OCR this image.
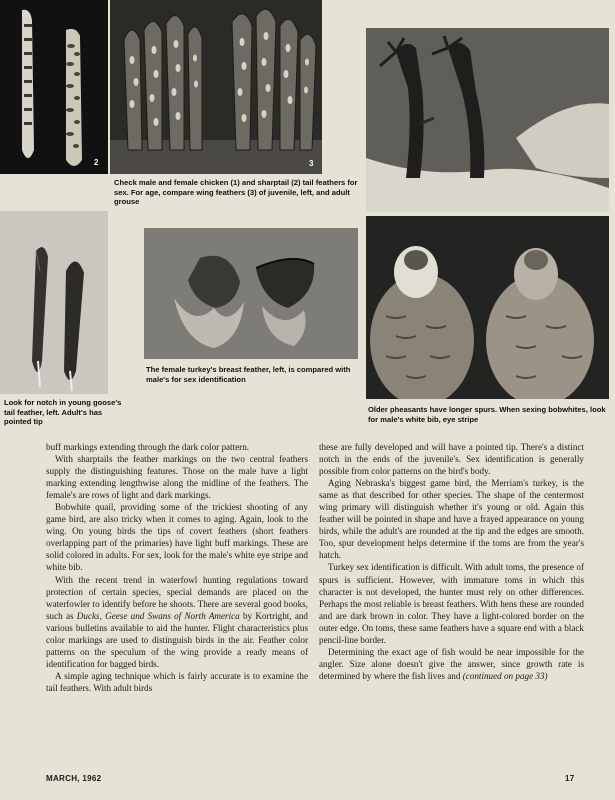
2	3

Check male and female chicken (1) and sharptail (2) tail feathers for sex. For age, compare wing feathers (3) of juvenile, left, and adult grouse

The female turkey's breast feather, left, is compared with male's for sex identification

Look for notch in young goose's tail feather, left. Adult's has pointed tip

Older pheasants have longer spurs. When sexing bobwhites, look for male's white bib, eye stripe

buff markings extending through the dark color pattern.

With sharptails the feather markings on the two central feathers supply the distinguishing features. Those on the male have a light marking extending lengthwise along the midline of the feathers. The female's are rows of light and dark markings.

Bobwhite quail, providing some of the trickiest shooting of any game bird, are also tricky when it comes to aging. Again, look to the wing. On young birds the tips of covert feathers (short feathers overlapping part of the primaries) have light buff markings. These are solid colored in adults. For sex, look for the male's white eye stripe and white bib.

With the recent trend in waterfowl hunting regulations toward protection of certain species, special demands are placed on the waterfowler to identify before he shoots. There are several good books, such as Ducks, Geese and Swans of North America by Kortright, and various bulletins available to aid the hunter. Flight characteristics plus color markings are used to distinguish birds in the air. Feather color patterns on the speculum of the wing provide a ready means of identification for bagged birds.

A simple aging technique which is fairly accurate is to examine the tail feathers. With adult birds

these are fully developed and will have a pointed tip. There's a distinct notch in the ends of the juvenile's. Sex identification is generally possible from color patterns on the bird's body.

Aging Nebraska's biggest game bird, the Merriam's turkey, is the same as that described for other species. The shape of the centermost wing primary will distinguish whether it's young or old. Again this feather will be pointed in shape and have a frayed appearance on young birds, while the adult's are rounded at the tip and the edges are smooth. Too, spur development helps determine if the toms are from the year's hatch.

Turkey sex identification is difficult. With adult toms, the presence of spurs is sufficient. However, with immature toms in which this character is not developed, the hunter must rely on other differences. Perhaps the most reliable is breast feathers. With hens these are rounded and are dark brown in color. They have a light-colored border on the outer edge. On toms, these same feathers have a square end with a black pencil-line border.

Determining the exact age of fish would be near impossible for the angler. Size alone doesn't give the answer, since growth rate is determined by where the fish lives and (continued on page 33)

MARCH, 1962	17
